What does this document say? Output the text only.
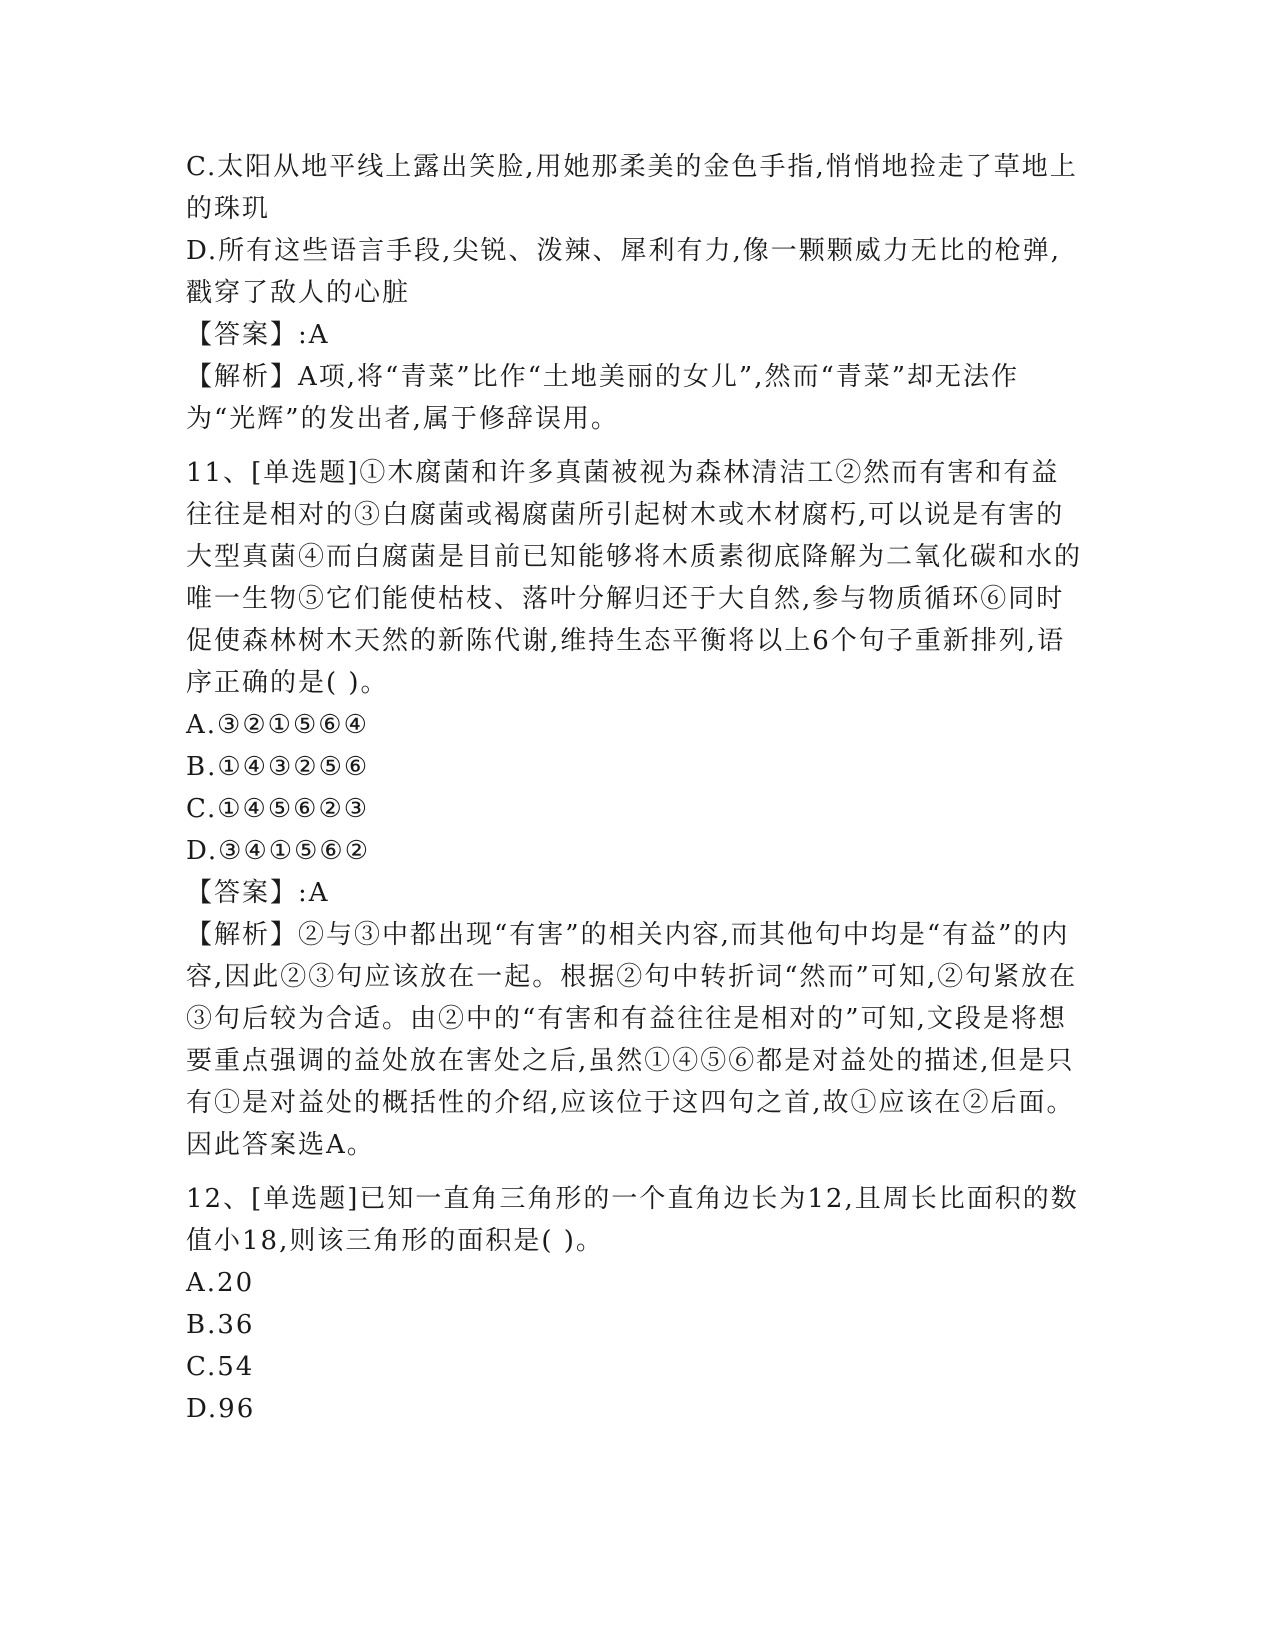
C.太阳从地平线上露出笑脸,用她那柔美的金色手指,悄悄地捡走了草地上的珠玑
D.所有这些语言手段,尖锐、泼辣、犀利有力,像一颗颗威力无比的枪弹,戳穿了敌人的心脏
【答案】:A
【解析】A项,将“青菜”比作“土地美丽的女儿”,然而“青菜”却无法作为“光辉”的发出者,属于修辞误用。
11、[单选题]①木腐菌和许多真菌被视为森林清洁工②然而有害和有益往往是相对的③白腐菌或褐腐菌所引起树木或木材腐朽,可以说是有害的大型真菌④而白腐菌是目前已知能够将木质素彻底降解为二氧化碳和水的唯一生物⑤它们能使枯枝、落叶分解归还于大自然,参与物质循环⑥同时促使森林树木天然的新陈代谢,维持生态平衡将以上6个句子重新排列,语序正确的是( )。
A.③②①⑤⑥④
B.①④③②⑤⑥
C.①④⑤⑥②③
D.③④①⑤⑥②
【答案】:A
【解析】②与③中都出现“有害”的相关内容,而其他句中均是“有益”的内容,因此②③句应该放在一起。根据②句中转折词“然而”可知,②句紧放在③句后较为合适。由②中的“有害和有益往往是相对的”可知,文段是将想要重点强调的益处放在害处之后,虽然①④⑤⑥都是对益处的描述,但是只有①是对益处的概括性的介绍,应该位于这四句之首,故①应该在②后面。因此答案选A。
12、[单选题]已知一直角三角形的一个直角边长为12,且周长比面积的数值小18,则该三角形的面积是( )。
A.20
B.36
C.54
D.96
